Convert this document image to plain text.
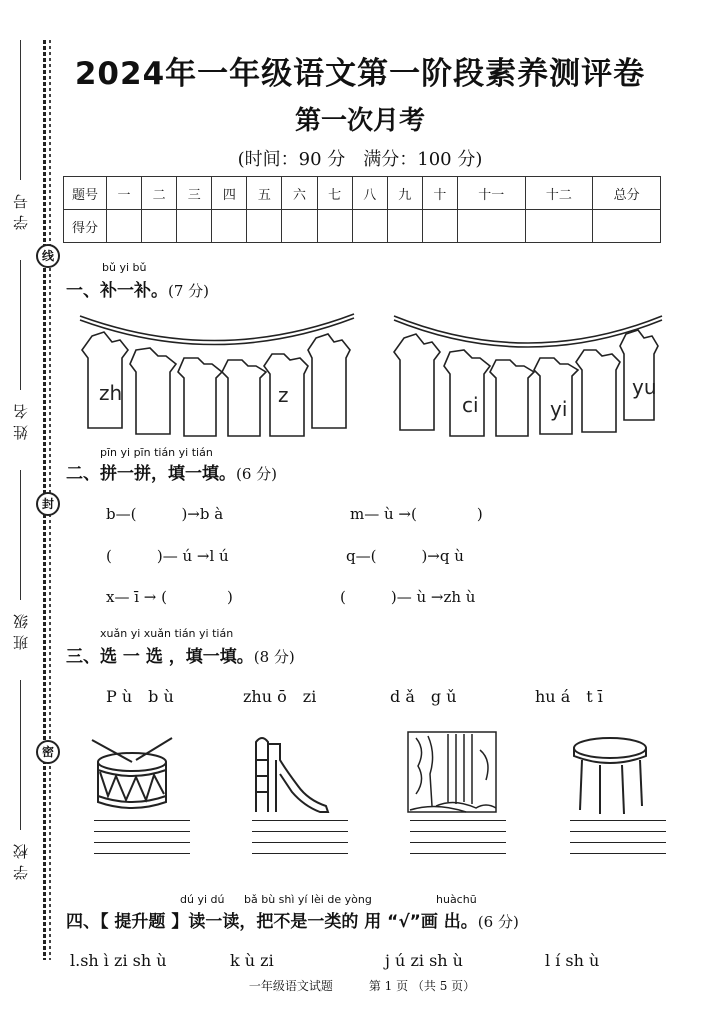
学号
姓名
班级
学校
线
封
密
2024年一年级语文第一阶段素养测评卷
第一次月考
(时间：90 分　满分：100 分)
题号	一	二	三	四	五	六	七	八	九	十	十一	十二	总分
得分													
bǔ yi bǔ
一、补一补。(7 分)
zh	z	ci	yi
yu
pīn yi pīn tián yi tián
二、拼一拼，填一填。(6 分)
b—(　　　)→b à	m— ù →(　　　　)
(　　　)— ú →l ú	q—(　　　)→q ù
x— ī → (　　　　)	(　　　)— ù →zh ù
xuǎn yi xuǎn tián yi tián
三、选 一 选 ，填一填。(8 分)
P ù　b ù	zhu ō　zi	d ǎ　g ǔ	hu á　t ī
dú yi dú bǎ bù shì yí lèi de yòng	huàchū
四、【 提升题 】读一读，把不是一类的 用 “√”画 出。(6 分)
l.sh ì zi sh ù	k ù zi	j ú zi sh ù	l í sh ù
一年级语文试题　　　第 1 页 （共 5 页）
